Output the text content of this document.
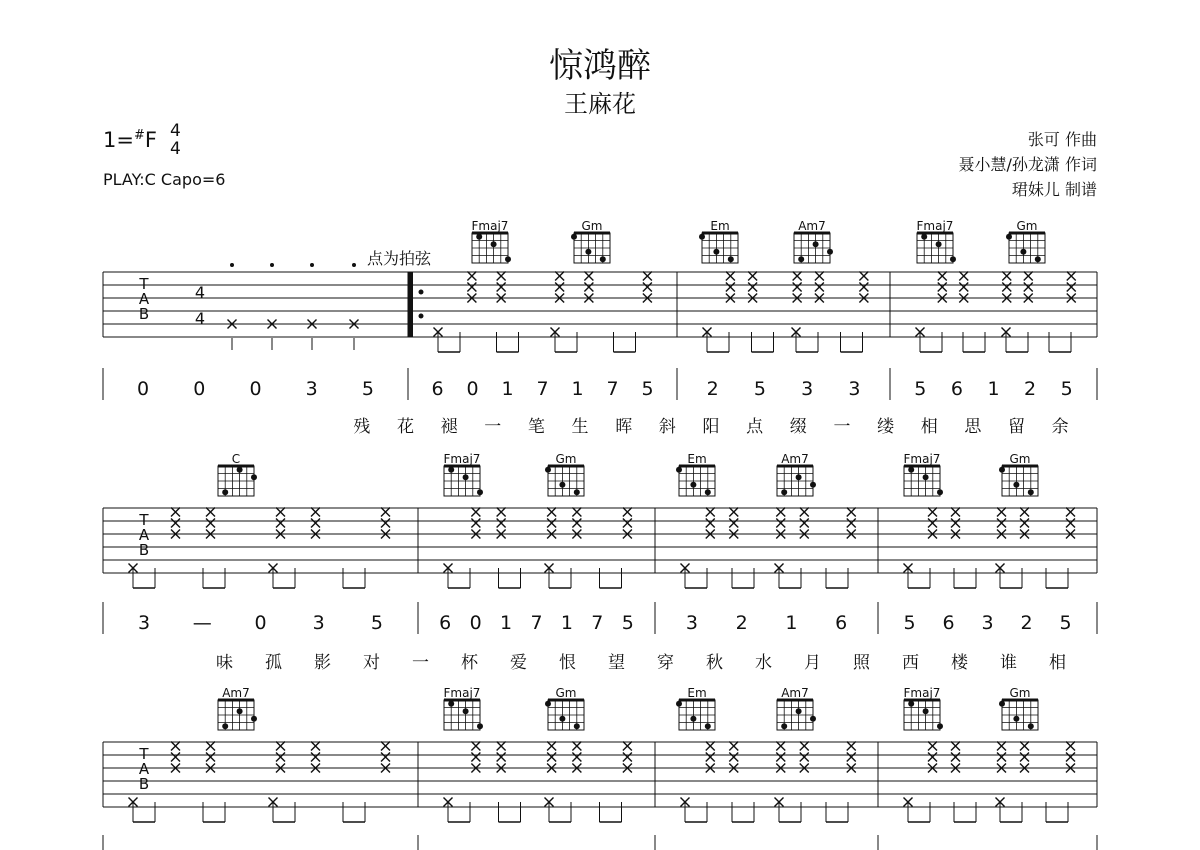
惊鸿醉
王麻花
1=#F 4
4
PLAY:C Capo=6
张可 作曲
聂小慧/孙龙潇 作词
珺妹儿 制谱
点为拍弦
T
A
B
Fmaj7	Gm	Em	Am7	Fmaj7	Gm
4
4
0	0	0	3	5	6	0	1	7	1	7	5	2	5	3	3	5	6	1	2	5
残 花 褪 一 笔 生 晖 斜 阳 点 缀 一 缕 相 思 留 余
T
A
B
C	Fmaj7	Gm	Em	Am7	Fmaj7	Gm
3	—	0	3	5	6 0 1 7 1 7 5	3	2	1	6	5	6	3	2	5
味 孤 影 对 一 杯 爱 恨 望 穿 秋 水 月 照 西 楼 谁 相
T
A
B
Am7	Fmaj7	Gm	Em	Am7	Fmaj7	Gm
